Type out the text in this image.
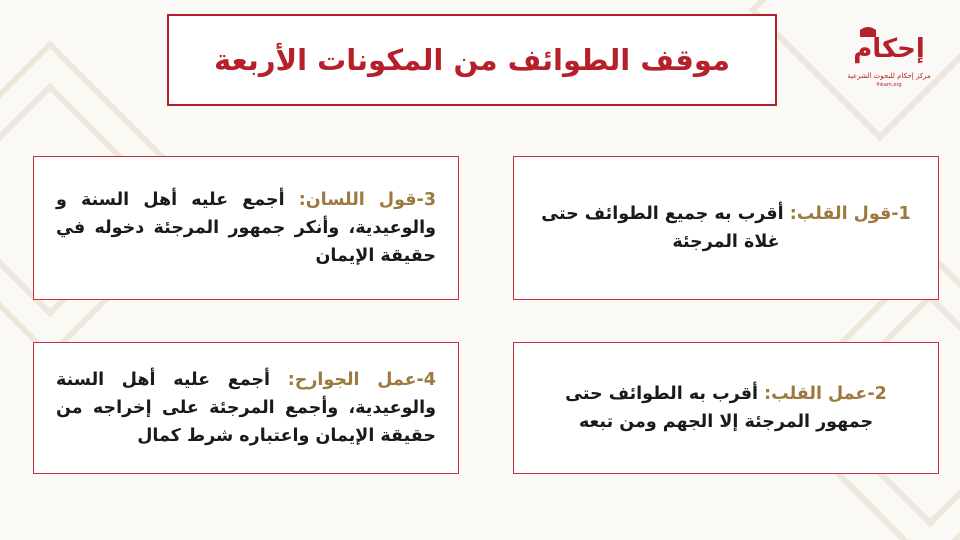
إحكام
مركز إحكام للبحوث الشرعية
Ihkam.org
موقف الطوائف من المكونات الأربعة
1-قول القلب: أقرب به جميع الطوائف حتى غلاة المرجئة
2-عمل القلب: أقرب به الطوائف حتى جمهور المرجئة إلا الجهم ومن تبعه
3-قول اللسان: أجمع عليه أهل السنة و والوعيدية، وأنكر جمهور المرجئة دخوله في حقيقة الإيمان
4-عمل الجوارح: أجمع عليه أهل السنة والوعيدية، وأجمع المرجئة على إخراجه من حقيقة الإيمان واعتباره شرط كمال
